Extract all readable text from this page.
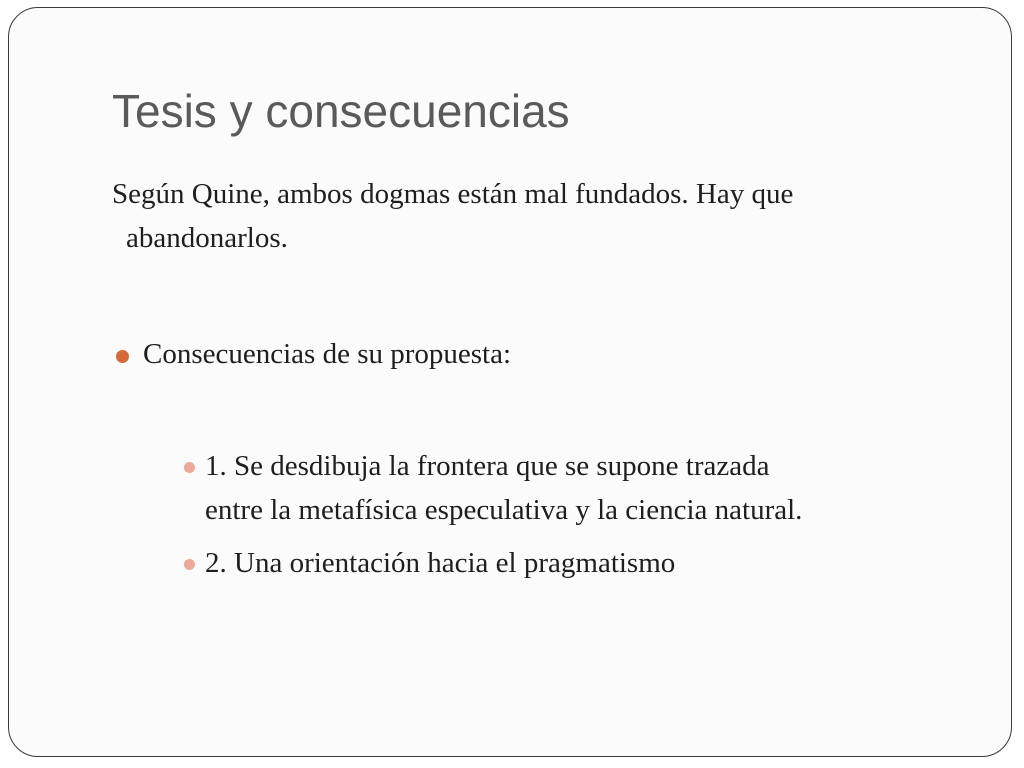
Tesis y consecuencias
Según Quine, ambos dogmas están mal fundados. Hay que
abandonarlos.
Consecuencias de su propuesta:
1. Se desdibuja la frontera que se supone trazada
entre la metafísica especulativa y la ciencia natural.
2. Una orientación hacia el pragmatismo
